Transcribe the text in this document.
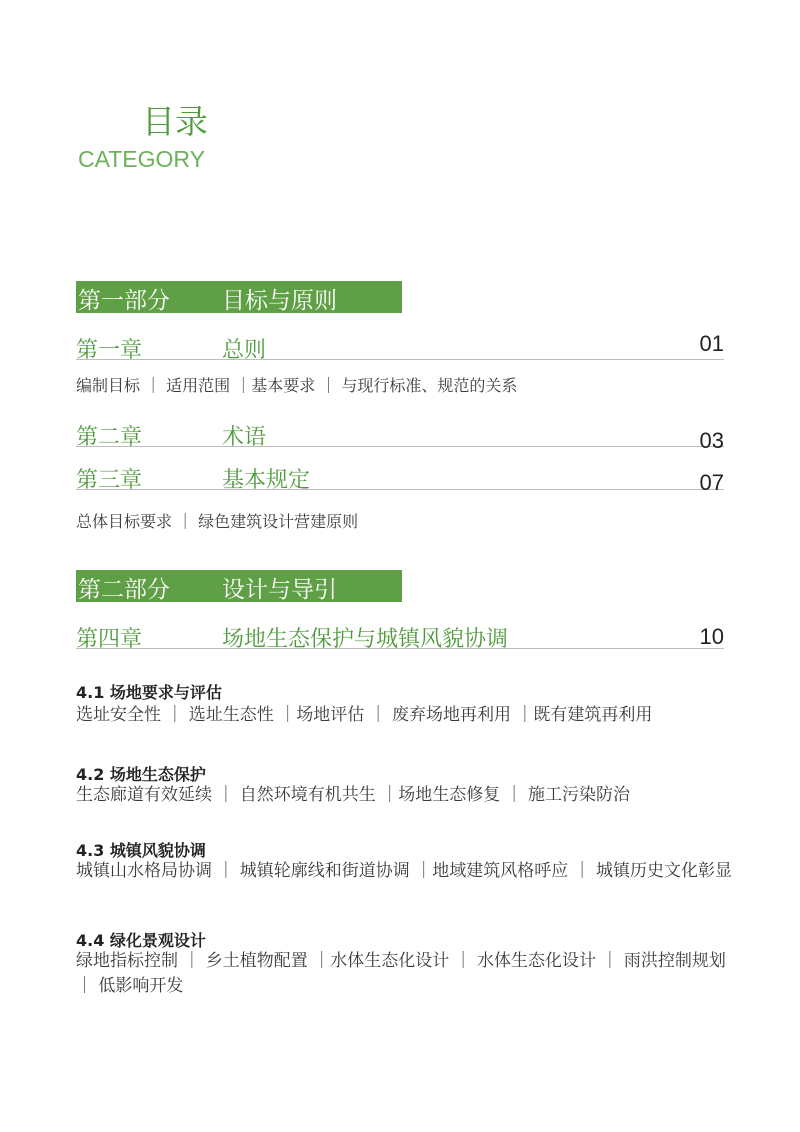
目录
CATEGORY
第一部分 目标与原则
第一章	总则	01
编制目标 ｜ 适用范围 ｜基本要求 ｜ 与现行标准、规范的关系
第二章	术语	03
第三章	基本规定	07
总体目标要求 ｜ 绿色建筑设计营建原则
第二部分 设计与导引
第四章	场地生态保护与城镇风貌协调	10
4.1 场地要求与评估
选址安全性 ｜ 选址生态性 ｜场地评估 ｜ 废弃场地再利用 ｜既有建筑再利用
4.2 场地生态保护
生态廊道有效延续 ｜ 自然环境有机共生 ｜场地生态修复 ｜ 施工污染防治
4.3 城镇风貌协调
城镇山水格局协调 ｜ 城镇轮廓线和街道协调 ｜地域建筑风格呼应 ｜ 城镇历史文化彰显
4.4 绿化景观设计
绿地指标控制 ｜ 乡土植物配置 ｜水体生态化设计 ｜ 水体生态化设计 ｜ 雨洪控制规划｜ 低影响开发
